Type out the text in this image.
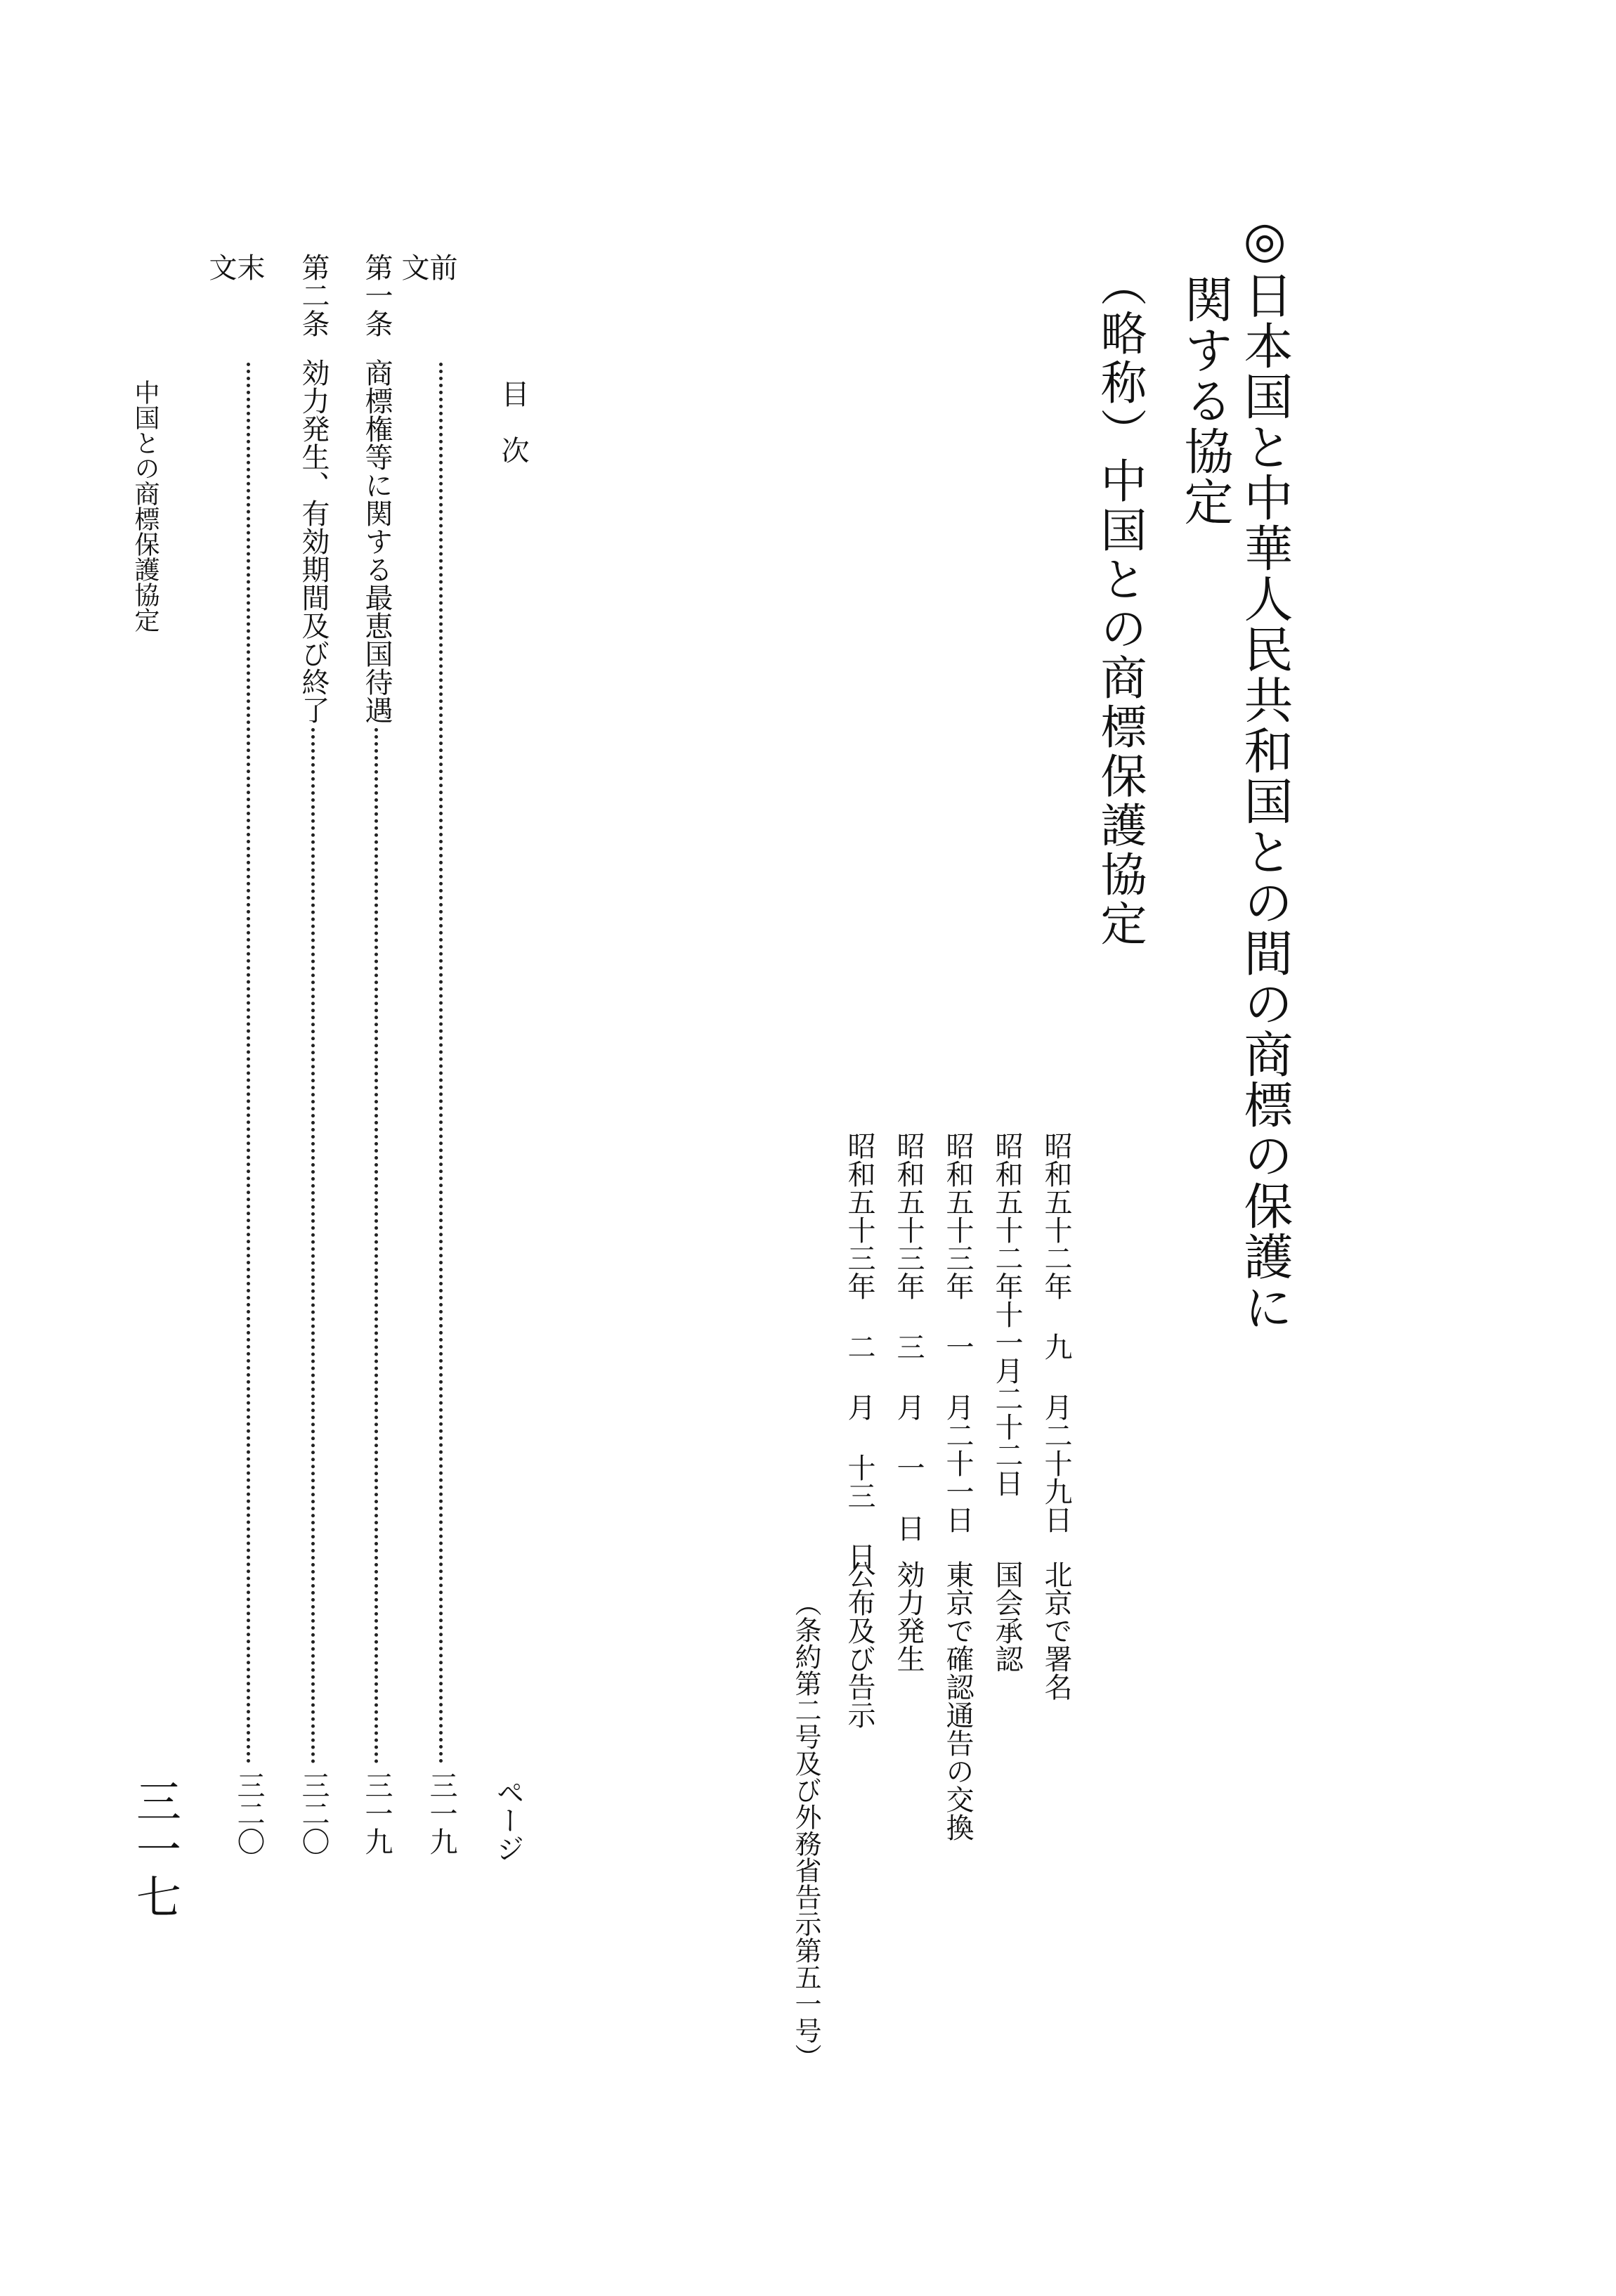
◎日本国と中華人民共和国との間の商標の保護に
関する協定
（略称）中国との商標保護協定
昭和五十二年 九 月二十九日北京で署名
昭和五十二年十一月二十二日国会承認
昭和五十三年 一 月二十一日東京で確認通告の交換
昭和五十三年 三 月 一 日効力発生
昭和五十三年 二 月 十三 日公布及び告示
（条約第二号及び外務省告示第五一号）
目　次
ページ
前　　文
三一九
第一条
商標権等に関する最恵国待遇
三一九
第二条
効力発生、有効期間及び終了
三二〇
末　　文
三二〇
中国との商標保護協定
三一七
